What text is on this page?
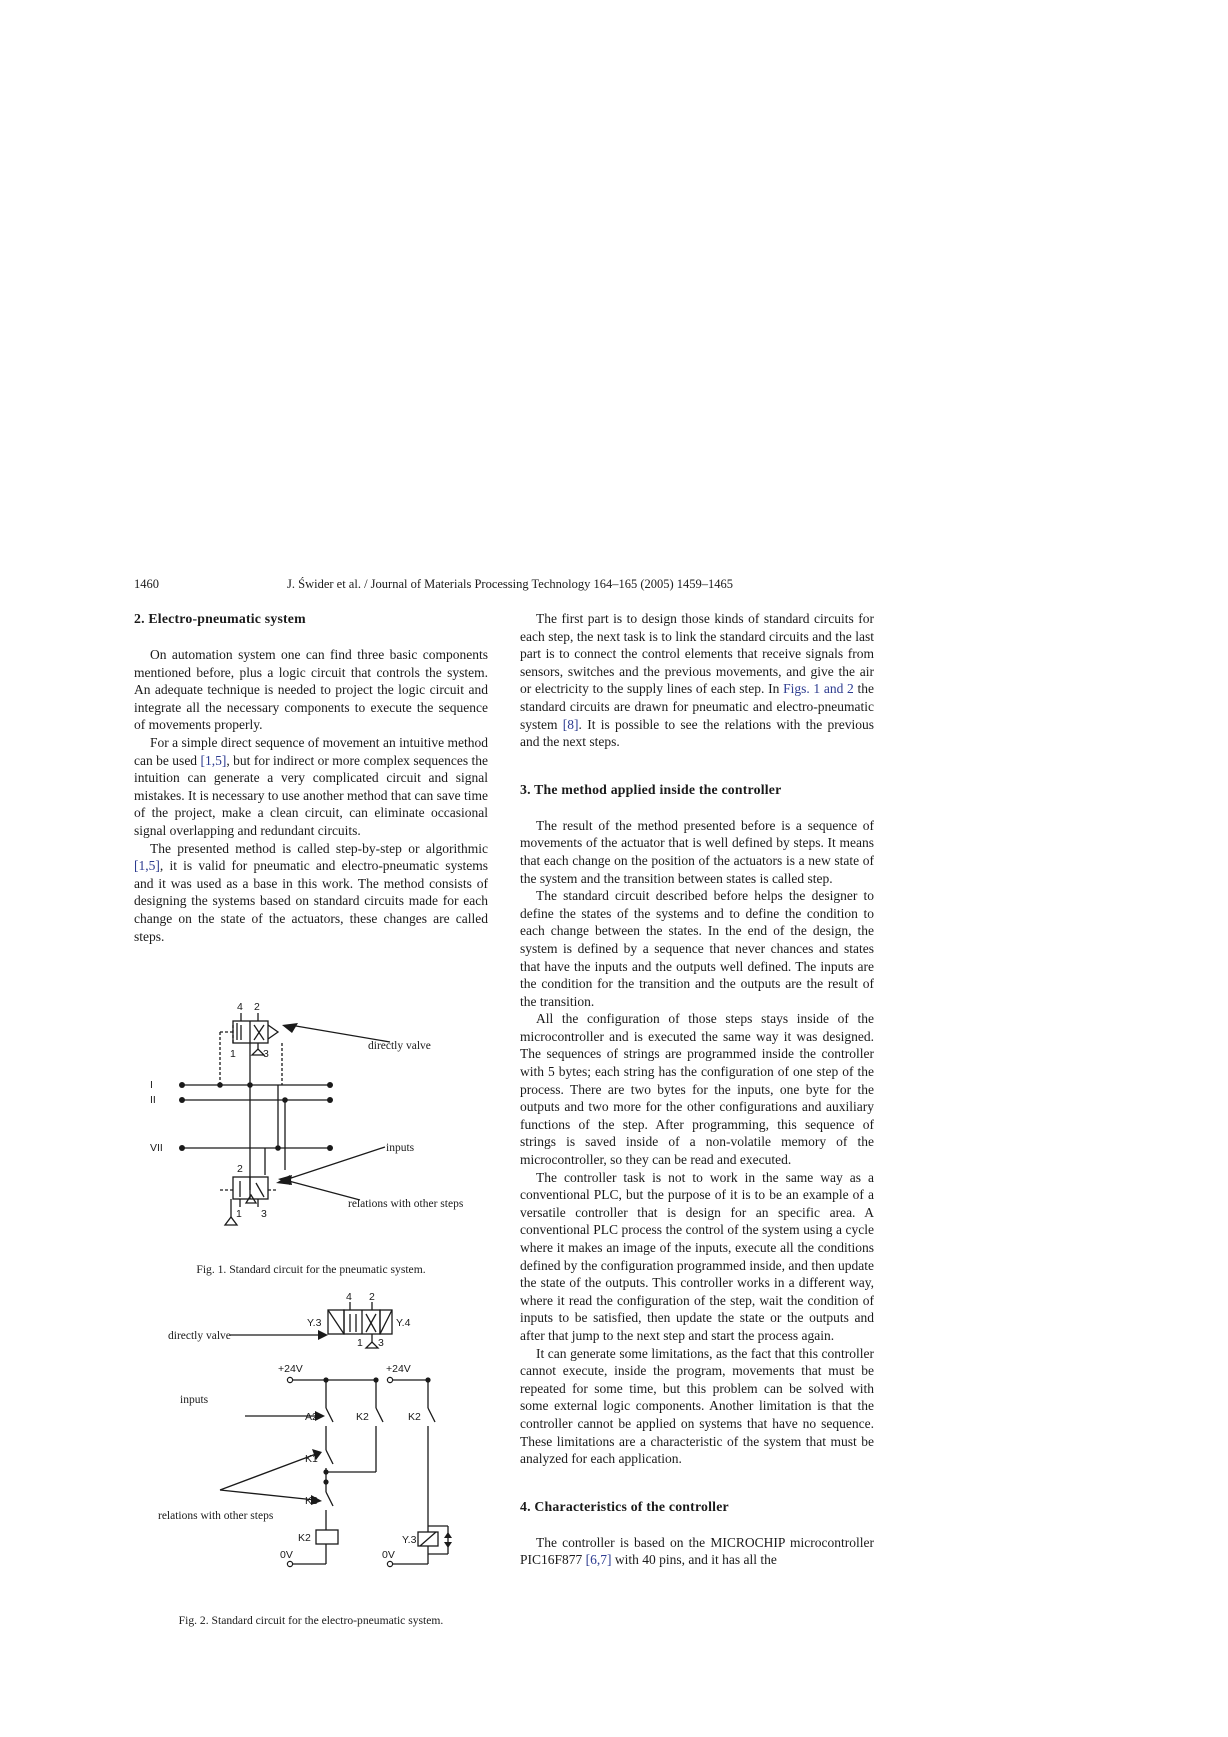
1460	J. Świder et al. / Journal of Materials Processing Technology 164–165 (2005) 1459–1465
2. Electro-pneumatic system

On automation system one can find three basic components mentioned before, plus a logic circuit that controls the system. An adequate technique is needed to project the logic circuit and integrate all the necessary components to execute the sequence of movements properly.

For a simple direct sequence of movement an intuitive method can be used [1,5], but for indirect or more complex sequences the intuition can generate a very complicated circuit and signal mistakes. It is necessary to use another method that can save time of the project, make a clean circuit, can eliminate occasional signal overlapping and redundant circuits.

The presented method is called step-by-step or algorithmic [1,5], it is valid for pneumatic and electro-pneumatic systems and it was used as a base in this work. The method consists of designing the systems based on standard circuits made for each change on the state of the actuators, these changes are called steps.

I
II
VII
4 2
1	3
2
1 3
directly valve
inputs
relations with other steps
Fig. 1. Standard circuit for the pneumatic system.
4 2
1 3
Y.3	Y.4
+24V	+24V
A2	K2	K2
K1
K3
K2	Y.3
0V	0V
directly valve
inputs
relations with other steps
Fig. 2. Standard circuit for the electro-pneumatic system.

The first part is to design those kinds of standard circuits for each step, the next task is to link the standard circuits and the last part is to connect the control elements that receive signals from sensors, switches and the previous movements, and give the air or electricity to the supply lines of each step. In Figs. 1 and 2 the standard circuits are drawn for pneumatic and electro-pneumatic system [8]. It is possible to see the relations with the previous and the next steps.

3. The method applied inside the controller

The result of the method presented before is a sequence of movements of the actuator that is well defined by steps. It means that each change on the position of the actuators is a new state of the system and the transition between states is called step.

The standard circuit described before helps the designer to define the states of the systems and to define the condition to each change between the states. In the end of the design, the system is defined by a sequence that never chances and states that have the inputs and the outputs well defined. The inputs are the condition for the transition and the outputs are the result of the transition.

All the configuration of those steps stays inside of the microcontroller and is executed the same way it was designed. The sequences of strings are programmed inside the controller with 5 bytes; each string has the configuration of one step of the process. There are two bytes for the inputs, one byte for the outputs and two more for the other configurations and auxiliary functions of the step. After programming, this sequence of strings is saved inside of a non-volatile memory of the microcontroller, so they can be read and executed.

The controller task is not to work in the same way as a conventional PLC, but the purpose of it is to be an example of a versatile controller that is design for an specific area. A conventional PLC process the control of the system using a cycle where it makes an image of the inputs, execute all the conditions defined by the configuration programmed inside, and then update the state of the outputs. This controller works in a different way, where it read the configuration of the step, wait the condition of inputs to be satisfied, then update the state or the outputs and after that jump to the next step and start the process again.

It can generate some limitations, as the fact that this controller cannot execute, inside the program, movements that must be repeated for some time, but this problem can be solved with some external logic components. Another limitation is that the controller cannot be applied on systems that have no sequence. These limitations are a characteristic of the system that must be analyzed for each application.

4. Characteristics of the controller

The controller is based on the MICROCHIP microcontroller PIC16F877 [6,7] with 40 pins, and it has all the
